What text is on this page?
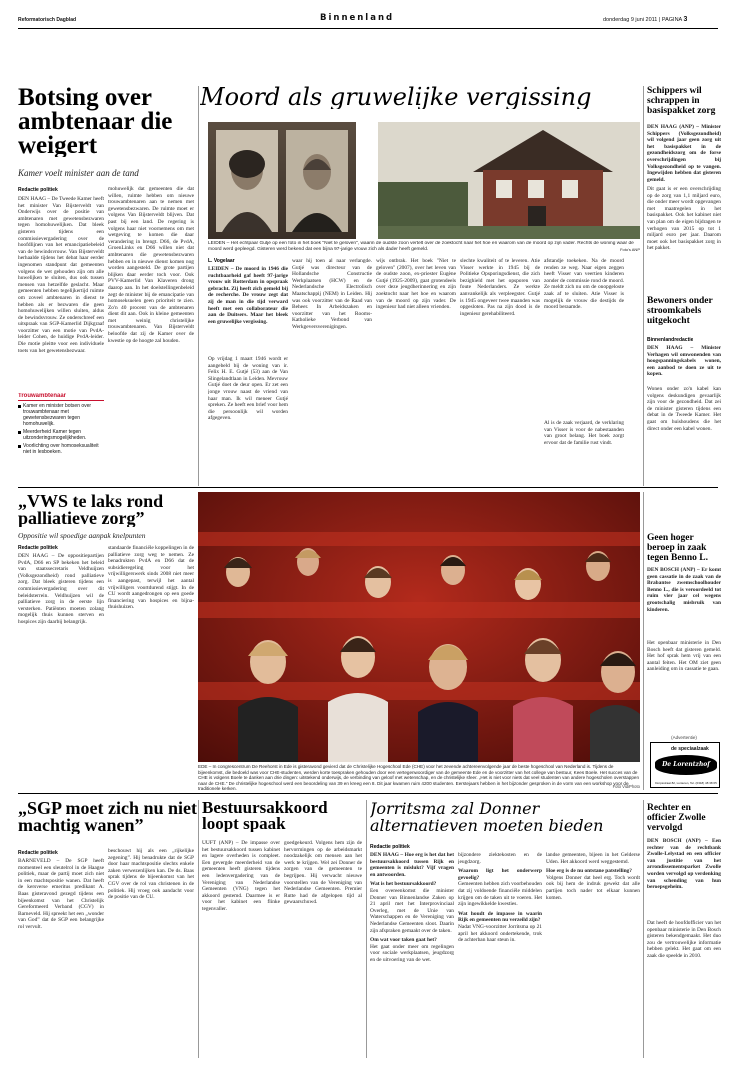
Reformatorisch Dagblad	Binnenland	donderdag 9 juni 2011 | PAGINA 3
Botsing over ambtenaar die weigert
Kamer voelt minister aan de tand
Redactie politiek
DEN HAAG – De Tweede Kamer heeft het minister Van Bijsterveldt van Onderwijs over de positie van ambtenaren met gewetensbezwaren tegen homohuwelijken. Dat bleek gisteren tijdens een commissievergadering over de hoofdlijnen van het emancipatiebeleid van de bewindsvrouw. Van Bijsterveldt herhaalde tijdens het debat haar eerder ingenomen standpunt dat gemeenten volgens de wet gehouden zijn om alle huwelijken te sluiten, dus ook tussen mensen van hetzelfde geslacht. Maar gemeenten hebben tegelijkertijd ruimte om zoveel ambtenaren in dienst te hebben als er bezwaren die geen homohuwelijken willen sluiten, aldus de bewindsvrouw. Ze onderschreef een uitspraak van SGP-Kamerlid Dijkgraaf voorzitter van een motie van PvdA-leider Cohen, de huidige PvdA-leider. Die motie pleitte voor een individuele toets van het gewetensbezwaar.
mohuwelijk dat gemeenten die dat willen, ruimte hebben om nieuwe trouwambtenaren aan te nemen met gewetensbezwaren. De ruimte moet er volgens Van Bijsterveldt blijven. Dat past bij een land. De regering is volgens haar niet voornemens om met wetgeving te komen die daar verandering in brengt. D66, de PvdA, GroenLinks en D66 willen niet dat ambtenaren die gewetensbezwaren hebben en in nieuwe dienst komen nog worden aangesteld. De grote partijen blijken daar eerder toch voor. Ook PVV-Kamerlid Van Klaveren drong daarop aan. In het doelstellingenbeleid zegt de minister bij de emancipatie van homoseksuelen geen prioriteit te zien. Zo'n 40 procent van de ambtenaren dient dit aan. Ook in kleine gemeenten met weinig christelijke trouwambtenaren. Van Bijsterveldt beloofde dat zij de Kamer over de kwestie op de hoogte zal houden.
Trouwambtenaar
Kamer en minister botsen over trouwambtenaar met gewetensbezwaren tegen homohuwelijk.
Meerderheid Kamer tegen uitzonderingsmogelijkheden.
Voorlichting over homoseksualiteit niet in lesboeken.
Moord als gruwelijke vergissing
LEIDEN – Het echtpaar Gutjé op een foto in het boek "Niet te geloven", waarin de oudste zoon vertelt over de zoektocht naar het hoe en waarom van de moord op zijn vader. Rechts de woning waar de moord werd gepleegd. Gisteren werd bekend dat een bijna 97-jarige vrouw zich als dader heeft gemeld.	Foto's ANP
L. Vogelaar
LEIDEN – De moord in 1946 die ruchtbaarheid gaf heeft 97-jarige vrouw uit Rotterdam in opspraak gebracht. Zij heeft zich gemeld bij de recherche. De vrouw zegt dat zij de man in die tijd verward heeft met een collaborateur die aan de Duitsers. Maar het bleek een gruwelijke vergissing.
Op vrijdag 1 maart 1946 wordt er aangebeld bij de woning van ir. Felix H. E. Gutjé (53) aan de Van Slingelandtlaan in Leiden. Mevrouw Gutjé doet de deur open. Er zet een jonge vrouw naast de vriend van haar man. Ik wil meneer Gutjé spreken. Ze heeft een brief voor hem die persoonlijk wil worden afgegeven.
waar hij toen al naar verlangde. Gutjé was directeur van de Hollandsche Constructie Werkplaatsen (HCW) en de Nederlandsche Electrolisch Maatschappij (NEM) in Leiden. Hij was ook voorzitter van de Raad van Beheer. In Arbeidszaken en voorzitter van het Rooms-Katholieke Verbond van Werkgeversverenigingen.
wijs ontbrak. Het boek "Niet te geloven" (2007), over het leven van de oudste zoon, ex-priester Eugène Gutjé (1925-2009), gaat grotendeels over deze jeugdherinnering en zijn zoektocht naar het hoe en waarom van de moord op zijn vader. De ingenieur had niet alleen vrienden.
slechte kwaliteit of te leveren. Atie Visser werkte in 1945 bij de Politieke Opsporingsdienst, die zich bezighield met het opsporen van foute Nederlanders. Ze werkte aanvankelijk als verpleegster. Gutjé is 1945 ongeveer twee maanden was opgesloten. Pas na zijn dood is de ingenieur gerehabiliteerd.
afstandje toekeken. Na de moord renden ze weg. Naar eigen zeggen heeft Visser van veertien kinderen zonder de commissie rond de moord. Ze meldt zich nu om de onopgeloste zaak af te sluiten. Atie Visser is mogelijk de vrouw die destijds de moord beraamde.
Al is de zaak verjaard, de verklaring van Visser is voor de nabestaanden van groot belang. Het boek zorgt ervoor dat de familie rust vindt.
Schippers wil schrappen in basispakket zorg
DEN HAAG (ANP) – Minister Schippers (Volksgezondheid) wil volgend jaar geen zorg uit het basispakket in de gezondheidszorg om de forse overschrijdingen bij Volksgezondheid op te vangen. Ingewijden hebben dat gisteren gemeld.
Dit gaat is er een overschrijding op de zorg van 1,1 miljard euro, die onder meer wordt opgevangen met maatregelen in het basispakket. Ook het kabinet niet van plan om de eigen bijdragen te verhogen van 2015 op tot 1 miljard euro per jaar. Daarom moet ook het basispakket zorg in het pakket.
Bewoners onder stroomkabels uitgekocht
Binnenlandredactie
DEN HAAG – Minister Verhagen wil omwonenden van hoogspanningskabels wonen, een aanbod te doen ze uit te kopen.
Wonen onder zo'n kabel kan volgens deskundigen gevaarlijk zijn voor de gezondheid. Dat zei de minister gisteren tijdens een debat in de Tweede Kamer. Het gaat om huishoudens die het direct onder een kabel wonen.
„VWS te laks rond palliatieve zorg”
Oppositie wil spoedige aanpak knelpunten
Redactie politiek
DEN HAAG – De oppositiepartijen PvdA, D66 en SP bekeken het beleid van staatssecretaris Veldhuijzen (Volksgezondheid) rond palliatieve zorg. Dat bleek gisteren tijdens een commissievergadering over dit beleidsterrein. Veldhuijzen wil de palliatieve zorg in de eerste lijn versterken. Patiënten moeten zolang mogelijk thuis kunnen sterven en hospices zijn daarbij belangrijk.
standaarde financiële koppelingen in de palliatieve zorg weg te nemen. Ze benadrukten PvdA en D66 dat de subsidieregeling voor het vrijwilligerswerk sinds 2008 niet meer is aangepast, terwijl het aantal vrijwilligers voortdurend stijgt. In de CU wordt aangedrongen op een goede financiering van hospices en bijna-thuishuizen.
EDE – In congrescentrum De Reehorst in Ede is gisteravond gevierd dat de Christelijke Hogeschool Ede (CHE) voor het zevende achtereenvolgende jaar de beste hogeschool van Nederland is. Tijdens de bijeenkomst, die bedoeld was voor CHE-studenten, werden korte toespraken gehouden door een vertegenwoordiger van de gemeente Ede en de voorzitter van het college van bestuur, Kees Boele. Het succes van de CHE is volgens Boele te danken aan drie dingen: uitstekend onderwijs, de verbinding van geloof met wetenschap, en de christelijke sfeer. „Het is niet voor niets dat veel studenten van andere hogescholen overstappen naar de CHE.” De christelijke hogeschool werd een beoordeling van 39 en kreeg een 8. Dit jaar kwamen ruim 4200 studenten. Eerstejaars hebben in het bijzonder gesproken in de vorm van een workshop voor de traditionele kerken.	Foto VidiPhoto
Geen hoger beroep in zaak tegen Benno L.
DEN BOSCH (ANP) – Er komt geen cassatie in de zaak van de Brabantse zwemschoolhouder Benno L., die is veroordeeld tot ruim vier jaar cel wegens grootschalig misbruik van kinderen.
Het openbaar ministerie in Den Bosch heeft dat gisteren gemeld. Het hof sprak hem vrij van een aantal feiten. Het OM ziet geen aanleiding om in cassatie te gaan.
(Advertentie)
de speciaalzaak
De Lorentzhof
Dorpsstraat 82, Lunteren, Tel. (0318) 48 38 65
„SGP moet zich nu niet machtig wanen”
Redactie politiek
BARNEVELD – De SGP heeft momenteel een sleutelrol in de Haagse politiek, maar de partij moet zich niet in een machtspositie wanen. Dat heeft de kersverse emeritus predikant A. Baas gisteravond gezegd tijdens een bijeenkomst van het Christelijk Gereformeerd Verband (CGV) in Barneveld. Hij spreekt het een „wonder van God” dat de SGP een belangrijke rol vervult.
beschouwt hij als een „rijkelijke zegening”. Hij benadrukte dat de SGP door haar machtspositie slechts enkele zaken verwezenlijken kan. De ds. Baas sprak tijdens de bijeenkomst van het CGV over de rol van christenen in de politiek. Hij vroeg ook aandacht voor de positie van de CU.
Bestuursakkoord loopt spaak
UUFT (ANP) – De impasse over het bestuursakkoord tussen kabinet en lagere overheden is compleet. Een gevergde meerderheid van de gemeenten heeft gisteren tijdens een ledenvergadering van de Vereniging van Nederlandse Gemeenten (VNG) tegen het akkoord gestemd. Daarmee is er voor het kabinet een flinke tegenvaller.
goedgekeurd. Volgens hem zijn de hervormingen op de arbeidsmarkt noodzakelijk om mensen aan het werk te krijgen. Wel zei Donner de zorgen van de gemeenten te begrijpen. Hij verwacht nieuwe voorstellen van de Vereniging van Nederlandse Gemeenten. Premier Rutte had de afgelopen tijd al gewaarschuwd.
Jorritsma zal Donner alternatieven moeten bieden
Redactie politiek
DEN HAAG – Hoe erg is het dat het bestuursakkoord tussen Rijk en gemeenten is mislukt? Vijf vragen en antwoorden.
Wat is het bestuursakkoord?
Een overeenkomst die minister Donner van Binnenlandse Zaken op 21 april met het Interprovinciaal Overleg, met de Unie van Waterschappen en de Vereniging van Nederlandse Gemeenten sloot. Daarin zijn afspraken gemaakt over de taken.
Om wat voor taken gaat het?
Het gaat onder meer om regelingen voor sociale werkplaatsen, jeugdzorg en de uitvoering van de wet.
bijzondere ziektekosten en de jeugdzorg.
Waarom ligt het onderwerp gevoelig?
Gemeenten hebben zich voorbehouden dat zij voldoende financiële middelen krijgen om de taken uit te voeren. Het zijn ingewikkelde kwesties.
Wat houdt de impasse in waarin Rijk en gemeenten nu verzeild zijn?
Nadat VNG-voorzitter Jorritsma op 21 april het akkoord ondertekende, trok de achterban haar steun in.
landse gemeenten, bijeen in het Gelderse Uden. Het akkoord werd weggestemd.
Hoe erg is de nu ontstane patstelling?
Volgens Donner dat heel erg. Toch wordt ook bij hem de indruk gewekt dat alle partijen toch nader tot elkaar kunnen komen.
Rechter en officier Zwolle vervolgd
DEN BOSCH (ANP) – Een rechter van de rechtbank Zwolle-Lelystad en een officier van justitie van het arrondissementsparket Zwolle worden vervolgd op verdenking van schending van hun beroepsgeheim.
Dat heeft de hoofdofficier van het openbaar ministerie in Den Bosch gisteren bekendgemaakt. Het duo zou de vertrouwelijke informatie hebben gelekt. Het gaat om een zaak die speelde in 2010.
